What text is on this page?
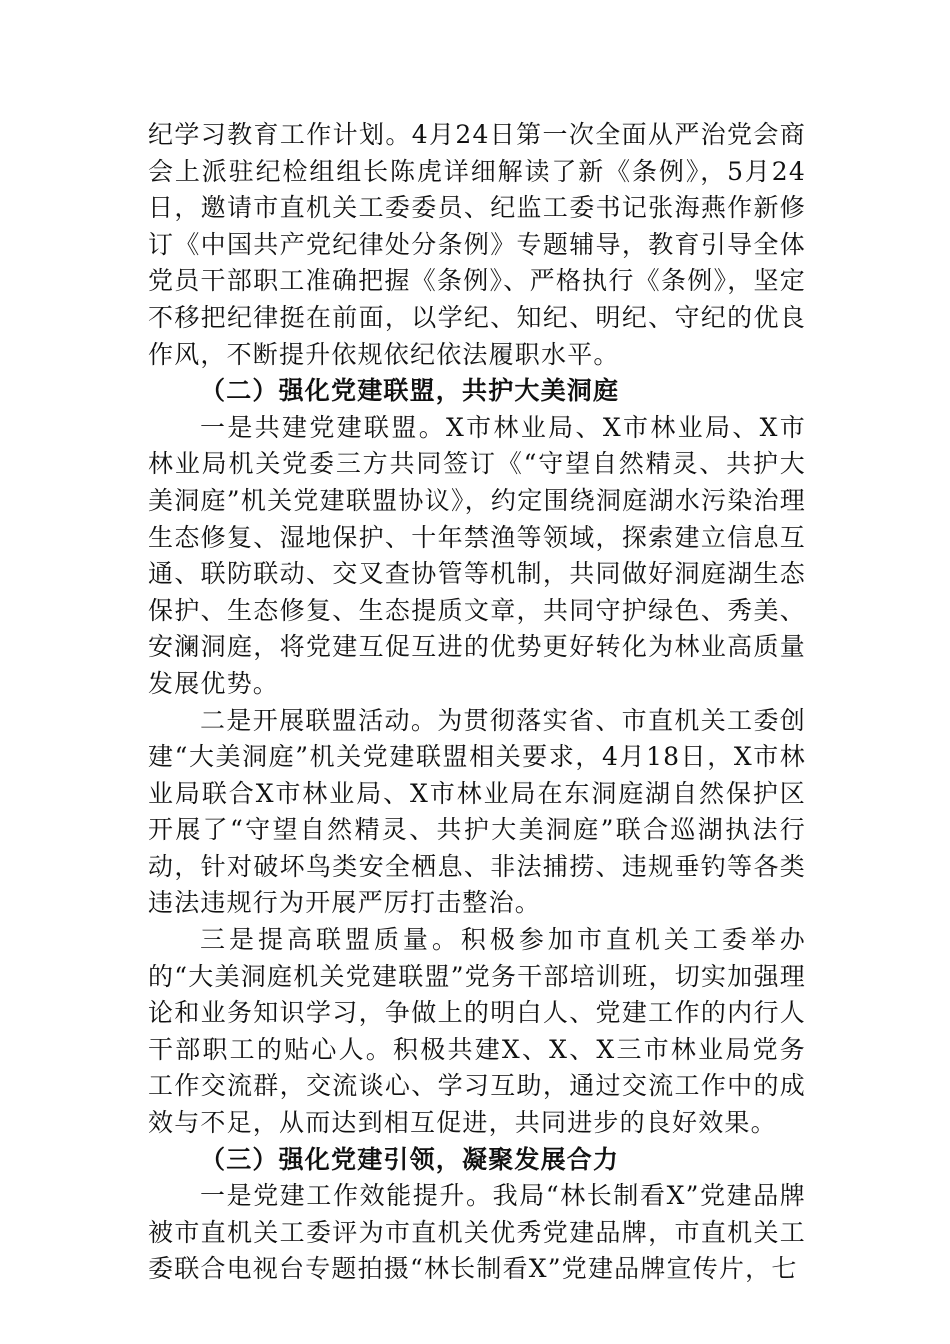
纪学习教育工作计划。4月24日第一次全面从严治党会商会上派驻纪检组组长陈虎详细解读了新《条例》，5月24日，邀请市直机关工委委员、纪监工委书记张海燕作新修订《中国共产党纪律处分条例》专题辅导，教育引导全体党员干部职工准确把握《条例》、严格执行《条例》，坚定不移把纪律挺在前面，以学纪、知纪、明纪、守纪的优良作风，不断提升依规依纪依法履职水平。

（二）强化党建联盟，共护大美洞庭

一是共建党建联盟。X市林业局、X市林业局、X市林业局机关党委三方共同签订《“守望自然精灵、共护大美洞庭”机关党建联盟协议》，约定围绕洞庭湖水污染治理生态修复、湿地保护、十年禁渔等领域，探索建立信息互通、联防联动、交叉查协管等机制，共同做好洞庭湖生态保护、生态修复、生态提质文章，共同守护绿色、秀美、安澜洞庭，将党建互促互进的优势更好转化为林业高质量发展优势。

二是开展联盟活动。为贯彻落实省、市直机关工委创建“大美洞庭”机关党建联盟相关要求，4月18日，X市林业局联合X市林业局、X市林业局在东洞庭湖自然保护区开展了“守望自然精灵、共护大美洞庭”联合巡湖执法行动，针对破坏鸟类安全栖息、非法捕捞、违规垂钓等各类违法违规行为开展严厉打击整治。

三是提高联盟质量。积极参加市直机关工委举办的“大美洞庭机关党建联盟”党务干部培训班，切实加强理论和业务知识学习，争做上的明白人、党建工作的内行人干部职工的贴心人。积极共建X、X、X三市林业局党务工作交流群，交流谈心、学习互助，通过交流工作中的成效与不足，从而达到相互促进，共同进步的良好效果。

（三）强化党建引领，凝聚发展合力

一是党建工作效能提升。我局“林长制看X”党建品牌被市直机关工委评为市直机关优秀党建品牌，市直机关工委联合电视台专题拍摄“林长制看X”党建品牌宣传片，七
